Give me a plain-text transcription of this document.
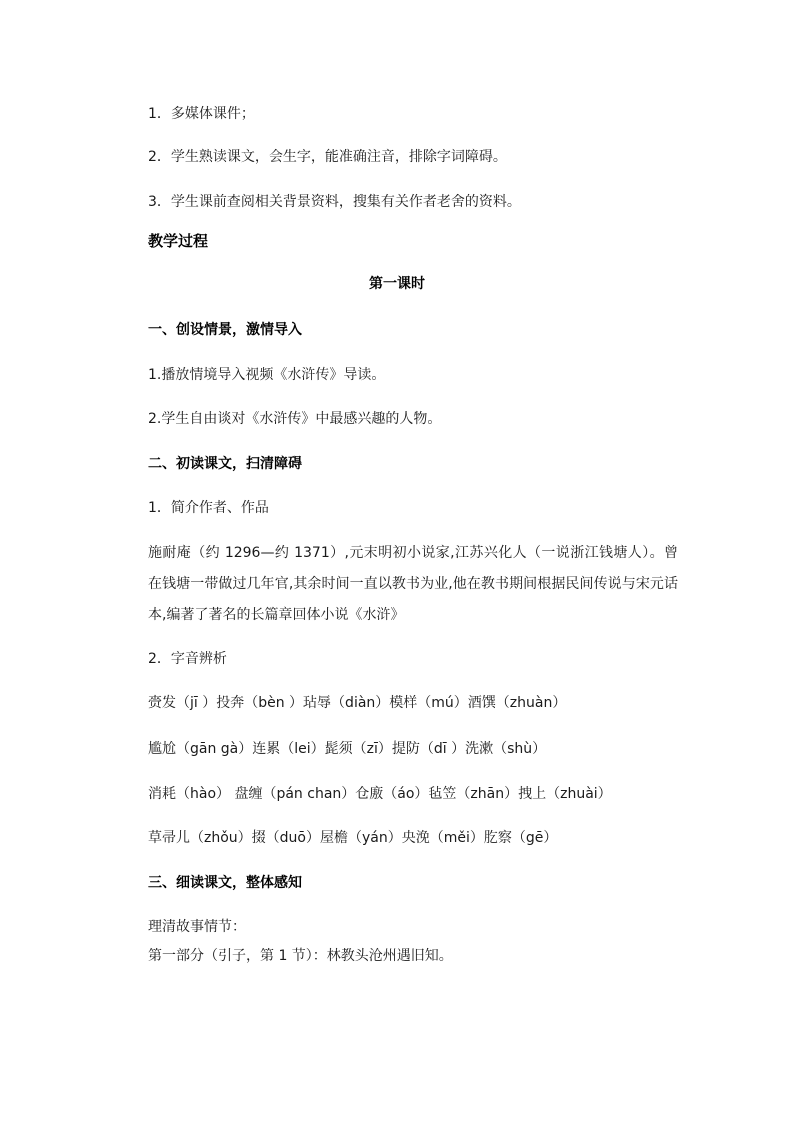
1．多媒体课件；
2．学生熟读课文，会生字，能准确注音，排除字词障碍。
3．学生课前查阅相关背景资料，搜集有关作者老舍的资料。
教学过程
第一课时
一、创设情景，激情导入
1.播放情境导入视频《水浒传》导读。
2.学生自由谈对《水浒传》中最感兴趣的人物。
二、初读课文，扫清障碍
1．简介作者、作品
施耐庵（约 1296—约 1371）,元末明初小说家,江苏兴化人（一说浙江钱塘人）。曾在钱塘一带做过几年官,其余时间一直以教书为业,他在教书期间根据民间传说与宋元话本,编著了著名的长篇章回体小说《水浒》
2．字音辨析
赍发（jī ）投奔（bèn ）玷辱（diàn）模样（mú）酒馔（zhuàn）
尴尬（gān gà）连累（lei）髭须（zī）提防（dī ）洗漱（shù）
消耗（hào） 盘缠（pán chan）仓廒（áo）毡笠（zhān）拽上（zhuài）
草帚儿（zhǒu）掇（duō）屋檐（yán）央浼（měi）肐察（gē）
三、细读课文，整体感知
理清故事情节：
第一部分（引子，第 1 节）：林教头沧州遇旧知。
